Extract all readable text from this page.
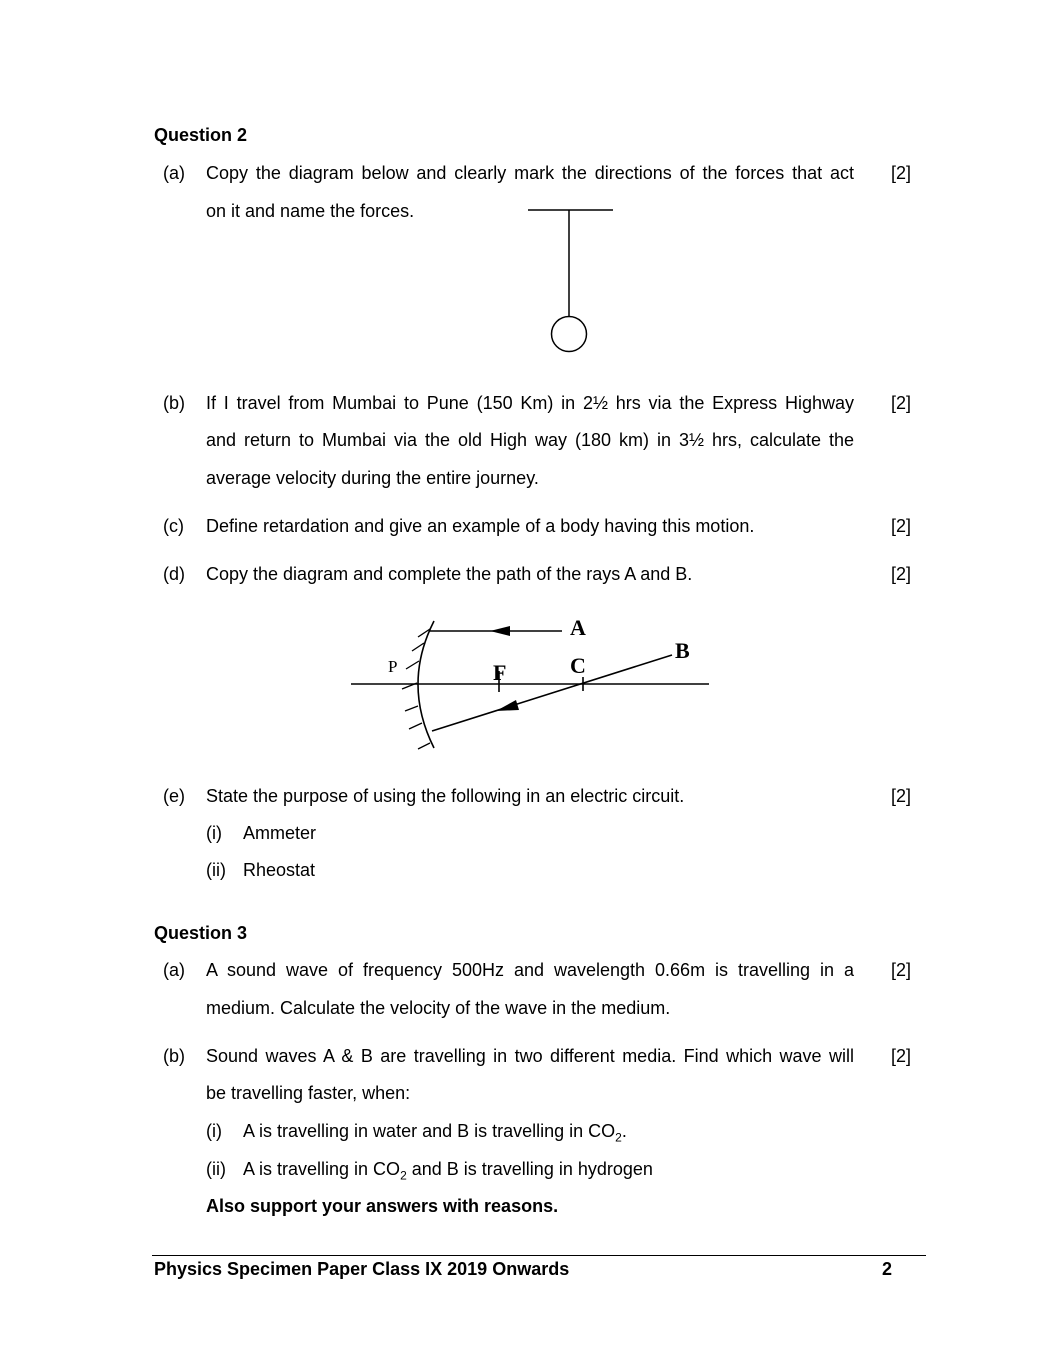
Question 2
(a) Copy the diagram below and clearly mark the directions of the forces that act [2]
on it and name the forces.
(b) If I travel from Mumbai to Pune (150 Km) in 2½ hrs via the Express Highway [2]
and return to Mumbai via the old High way (180 km) in 3½ hrs, calculate the
average velocity during the entire journey.
(c) Define retardation and give an example of a body having this motion.	[2]
(d) Copy the diagram and complete the path of the rays A and B.	[2]
A
B
P	F	C
(e) State the purpose of using the following in an electric circuit.	[2]
(i) Ammeter
(ii) Rheostat
Question 3
(a) A sound wave of frequency 500Hz and wavelength 0.66m is travelling in a [2]
medium. Calculate the velocity of the wave in the medium.
(b) Sound waves A & B are travelling in two different media. Find which wave will [2]
be travelling faster, when:
(i) A is travelling in water and B is travelling in $CO_2$.
(ii) A is travelling in $CO_2$ and B is travelling in hydrogen
Also support your answers with reasons.
Physics Specimen Paper Class IX 2019 Onwards	2
